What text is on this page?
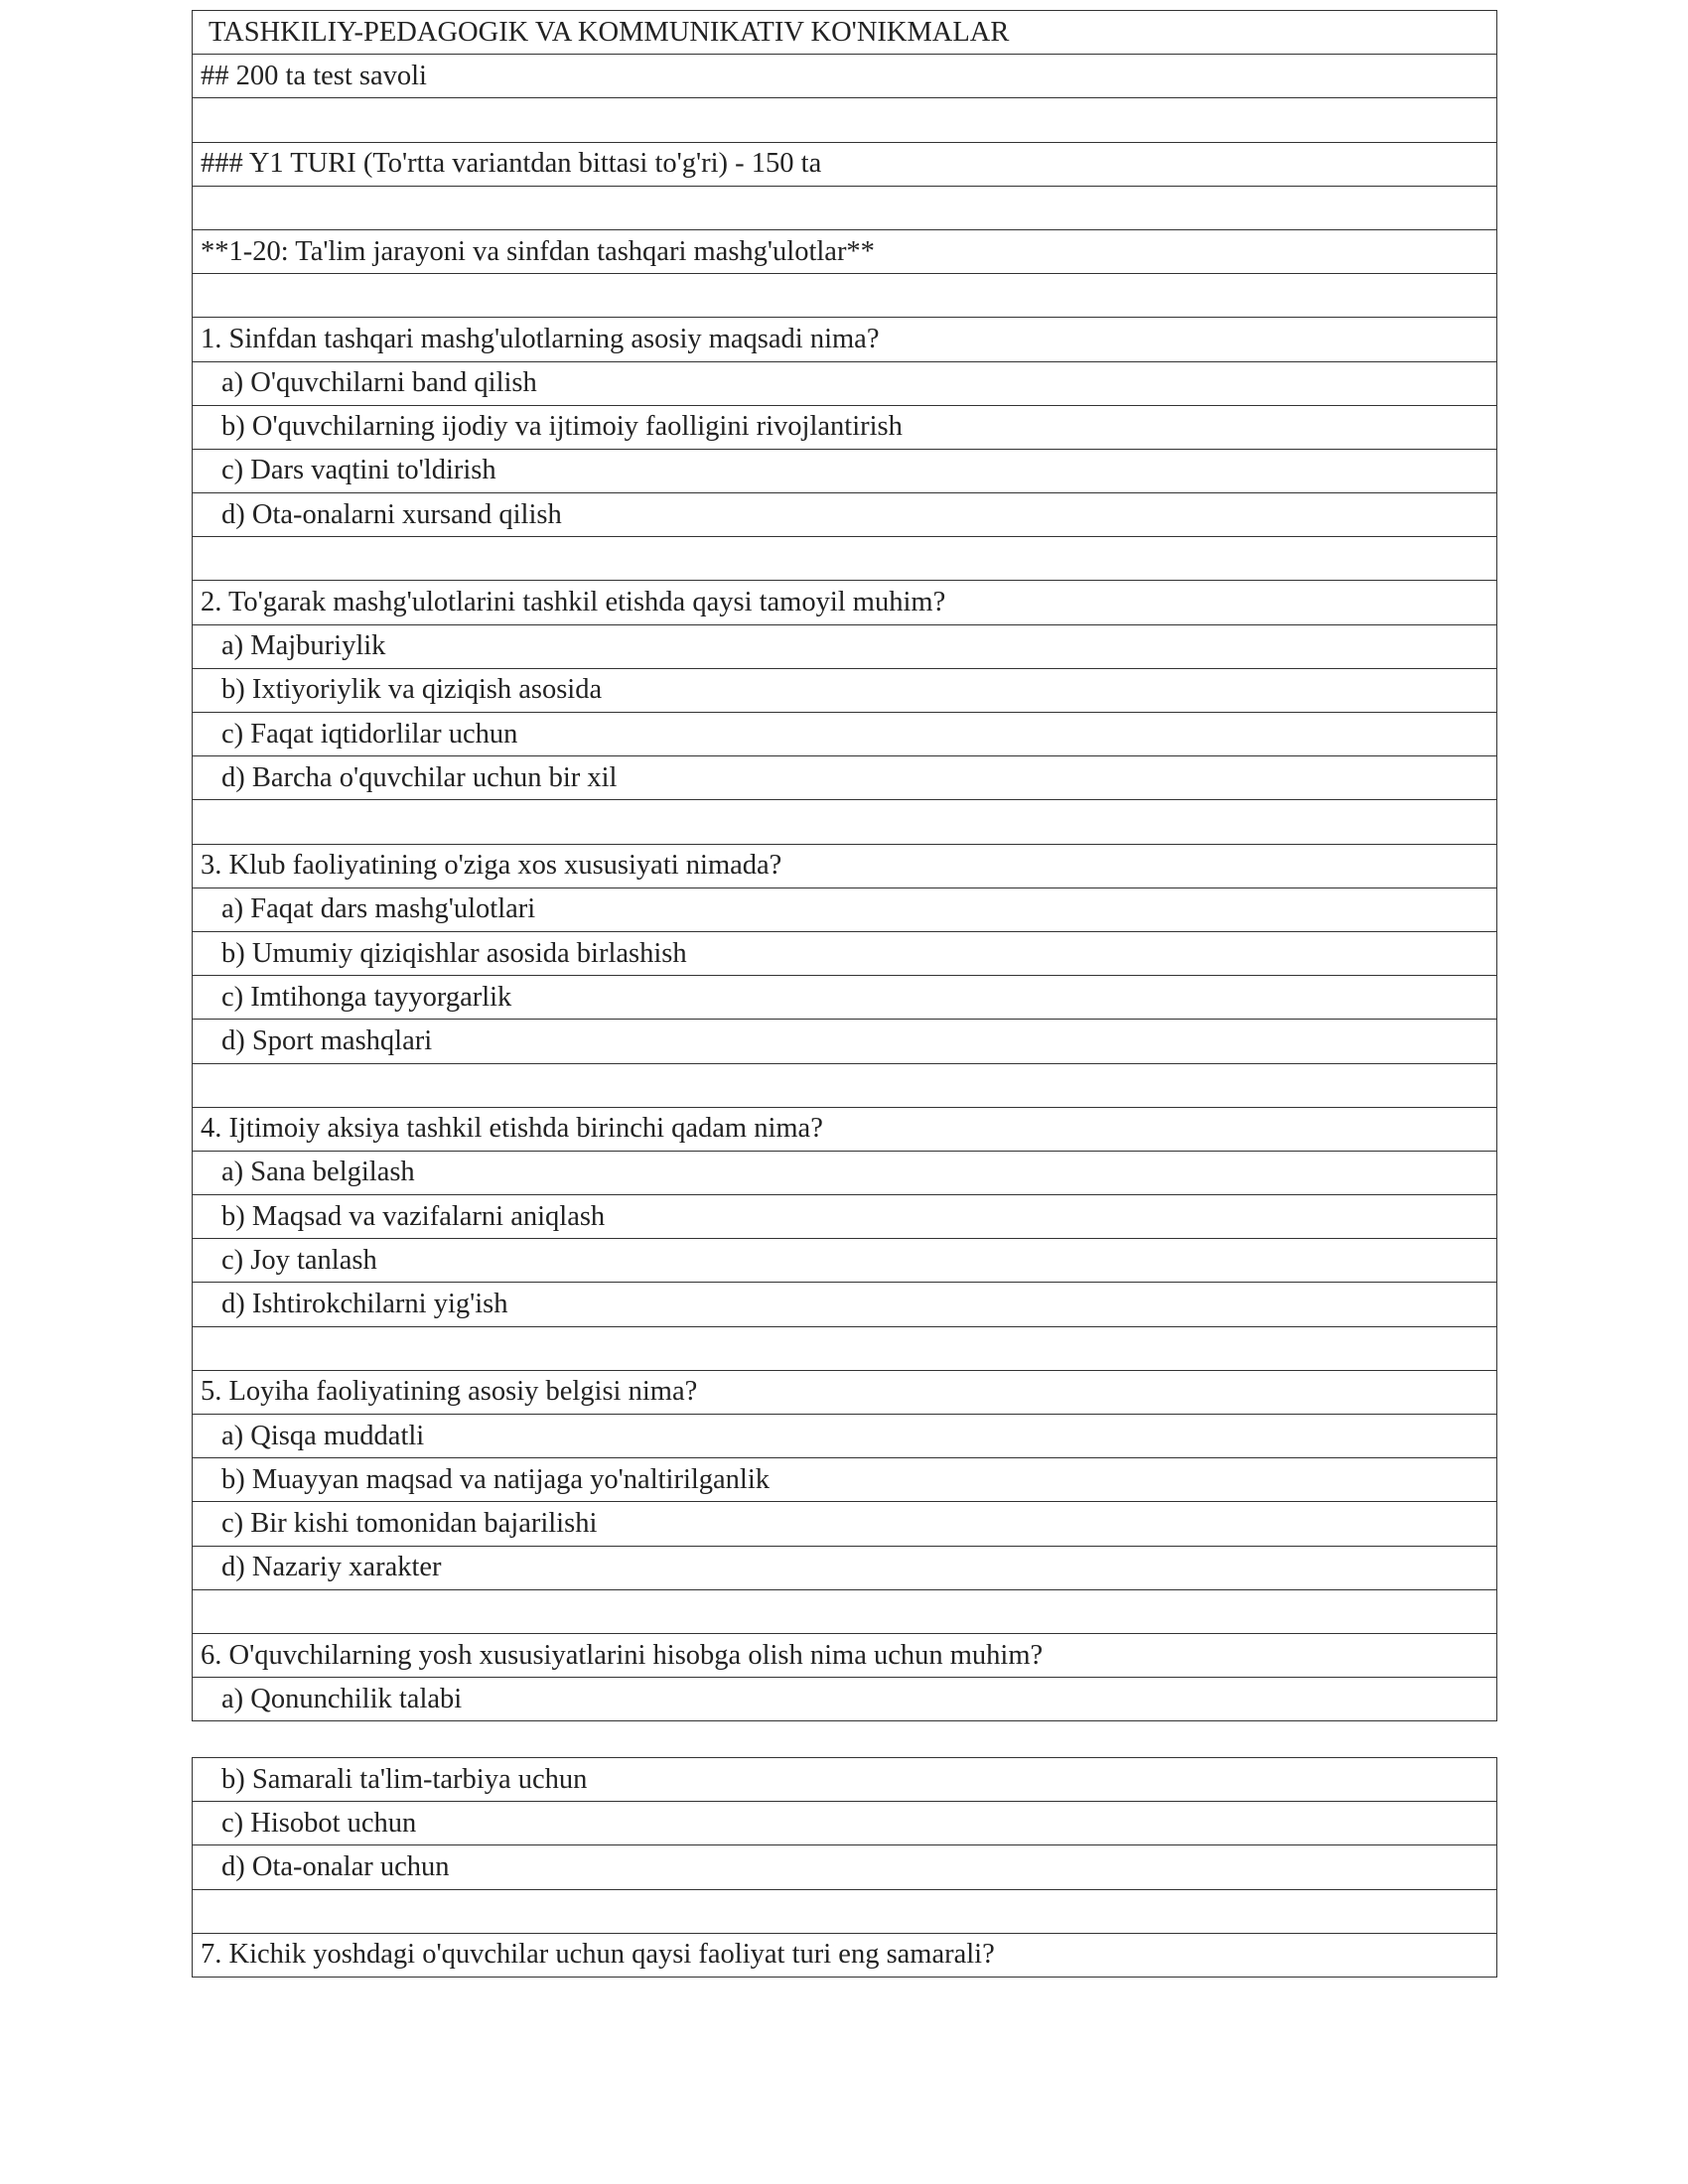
TASHKILIY-PEDAGOGIK VA KOMMUNIKATIV KO'NIKMALAR
## 200 ta test savoli
### Y1 TURI (To'rtta variantdan bittasi to'g'ri) - 150 ta
**1-20: Ta'lim jarayoni va sinfdan tashqari mashg'ulotlar**
1. Sinfdan tashqari mashg'ulotlarning asosiy maqsadi nima?
a) O'quvchilarni band qilish
b) O'quvchilarning ijodiy va ijtimoiy faolligini rivojlantirish
c) Dars vaqtini to'ldirish
d) Ota-onalarni xursand qilish
2. To'garak mashg'ulotlarini tashkil etishda qaysi tamoyil muhim?
a) Majburiylik
b) Ixtiyoriylik va qiziqish asosida
c) Faqat iqtidorlilar uchun
d) Barcha o'quvchilar uchun bir xil
3. Klub faoliyatining o'ziga xos xususiyati nimada?
a) Faqat dars mashg'ulotlari
b) Umumiy qiziqishlar asosida birlashish
c) Imtihonga tayyorgarlik
d) Sport mashqlari
4. Ijtimoiy aksiya tashkil etishda birinchi qadam nima?
a) Sana belgilash
b) Maqsad va vazifalarni aniqlash
c) Joy tanlash
d) Ishtirokchilarni yig'ish
5. Loyiha faoliyatining asosiy belgisi nima?
a) Qisqa muddatli
b) Muayyan maqsad va natijaga yo'naltirilganlik
c) Bir kishi tomonidan bajarilishi
d) Nazariy xarakter
6. O'quvchilarning yosh xususiyatlarini hisobga olish nima uchun muhim?
a) Qonunchilik talabi
b) Samarali ta'lim-tarbiya uchun
c) Hisobot uchun
d) Ota-onalar uchun
7. Kichik yoshdagi o'quvchilar uchun qaysi faoliyat turi eng samarali?
